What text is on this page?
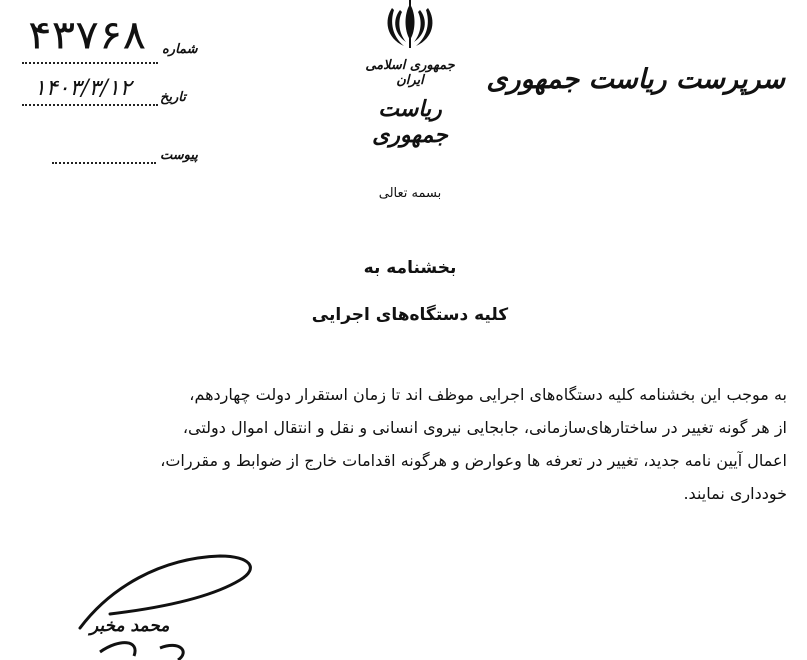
سرپرست ریاست جمهوری
جمهوری اسلامی ایران
ریاست جمهوری
بسمه تعالی
۴۳۷۶۸ شماره
۱۴۰۳/۳/۱۲ تاریخ
پیوست
بخشنامه به
کلیه دستگاه‌های اجرایی

به موجب این بخشنامه کلیه دستگاه‌های اجرایی موظف اند تا زمان استقرار دولت چهاردهم،

از هر گونه تغییر در ساختارهای‌سازمانی، جابجایی نیروی انسانی و نقل و انتقال اموال دولتی،

اعمال آیین نامه جدید، تغییر در تعرفه ها وعوارض و هرگونه اقدامات خارج از ضوابط و مقررات،

خودداری نمایند.

محمد مخبر
